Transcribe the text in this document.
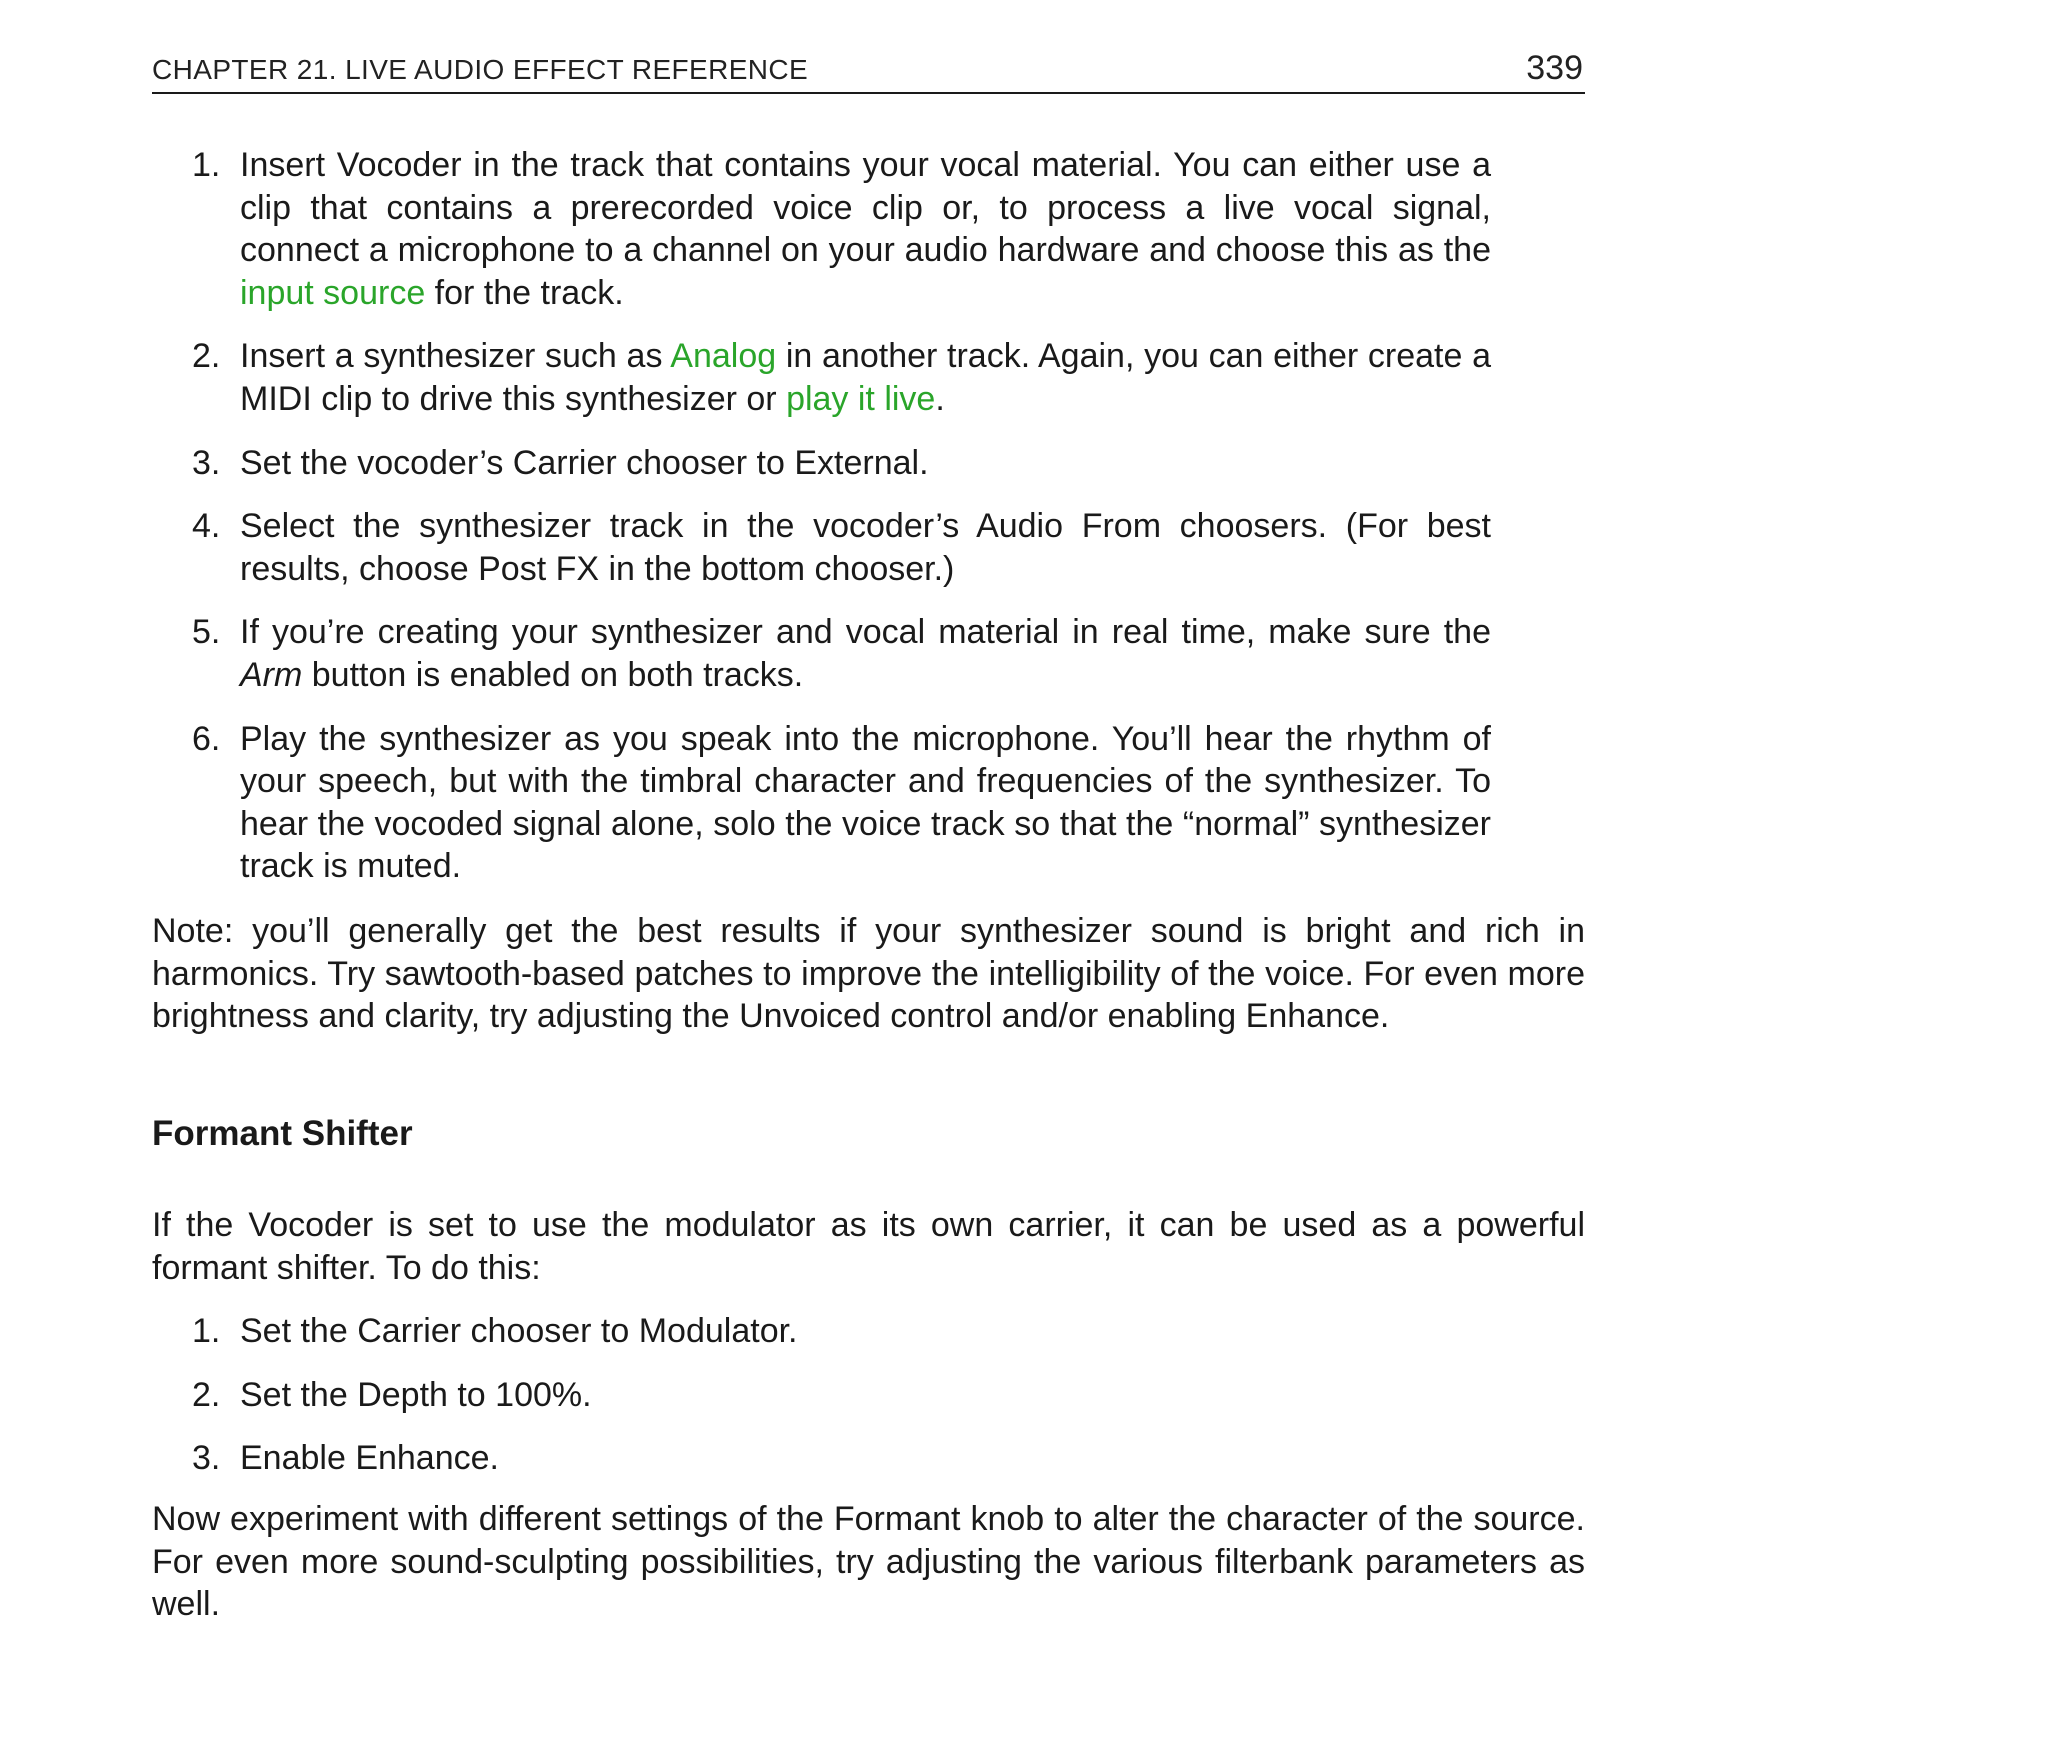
CHAPTER 21. LIVE AUDIO EFFECT REFERENCE	339
1. Insert Vocoder in the track that contains your vocal material. You can either use a clip that contains a prerecorded voice clip or, to process a live vocal signal, connect a microphone to a channel on your audio hardware and choose this as the input source for the track.
2. Insert a synthesizer such as Analog in another track. Again, you can either create a MIDI clip to drive this synthesizer or play it live.
3. Set the vocoder’s Carrier chooser to External.
4. Select the synthesizer track in the vocoder’s Audio From choosers. (For best results, choose Post FX in the bottom chooser.)
5. If you’re creating your synthesizer and vocal material in real time, make sure the Arm button is enabled on both tracks.
6. Play the synthesizer as you speak into the microphone. You’ll hear the rhythm of your speech, but with the timbral character and frequencies of the synthesizer. To hear the vocoded signal alone, solo the voice track so that the “normal” synthesizer track is muted.

Note: you’ll generally get the best results if your synthesizer sound is bright and rich in harmonics. Try sawtooth-based patches to improve the intelligibility of the voice. For even more brightness and clarity, try adjusting the Unvoiced control and/or enabling Enhance.

Formant Shifter

If the Vocoder is set to use the modulator as its own carrier, it can be used as a powerful formant shifter. To do this:

1. Set the Carrier chooser to Modulator.
2. Set the Depth to 100%.
3. Enable Enhance.

Now experiment with different settings of the Formant knob to alter the character of the source. For even more sound-sculpting possibilities, try adjusting the various filterbank parameters as well.
